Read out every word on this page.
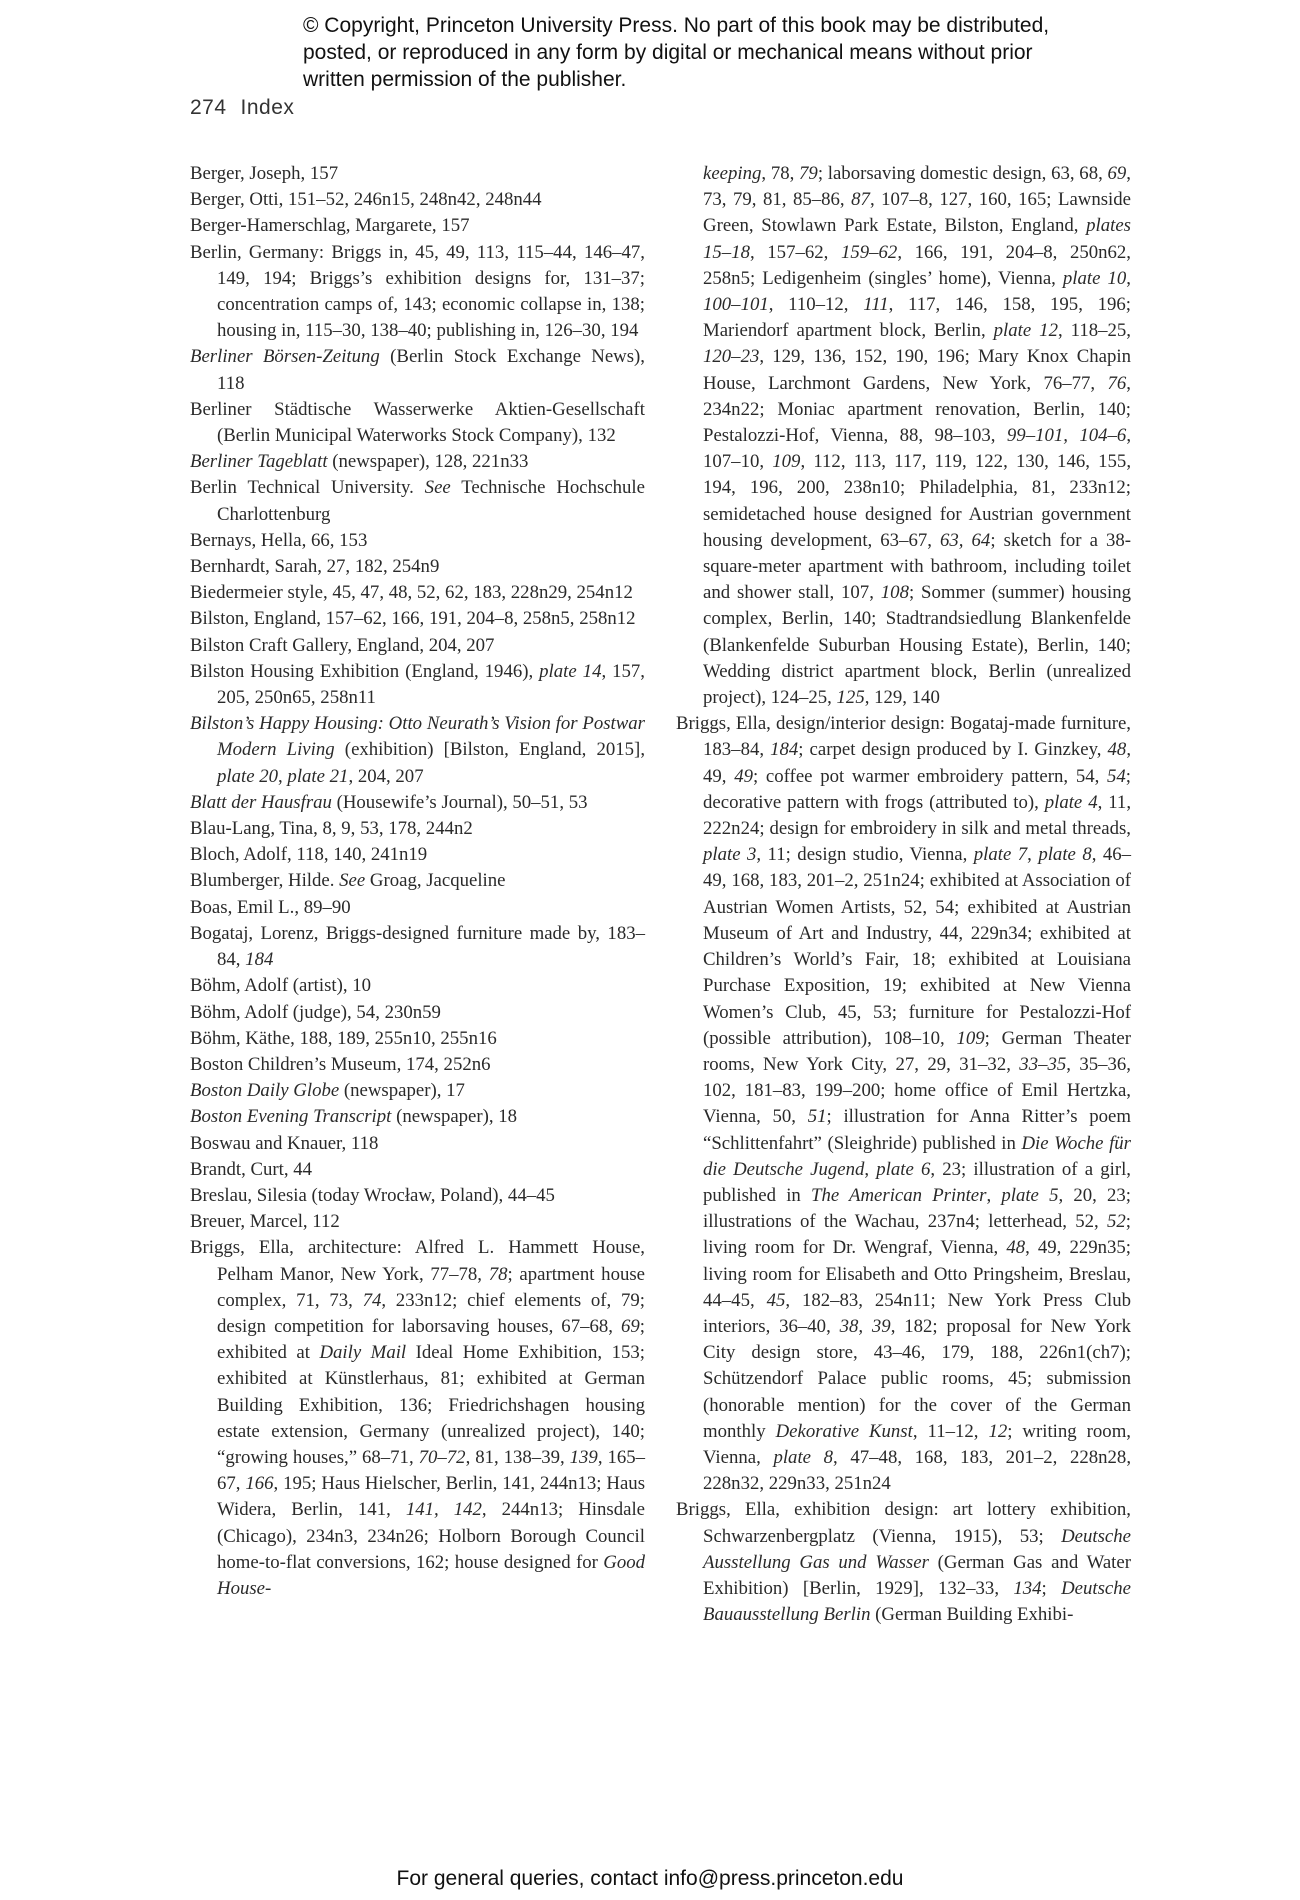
© Copyright, Princeton University Press. No part of this book may be distributed, posted, or reproduced in any form by digital or mechanical means without prior written permission of the publisher.
274 Index

Berger, Joseph, 157

Berger, Otti, 151–52, 246n15, 248n42, 248n44

Berger-Hamerschlag, Margarete, 157

Berlin, Germany: Briggs in, 45, 49, 113, 115–44, 146–47, 149, 194; Briggs’s exhibition designs for, 131–37; concentration camps of, 143; economic collapse in, 138; housing in, 115–30, 138–40; publishing in, 126–30, 194

Berliner Börsen-Zeitung (Berlin Stock Exchange News), 118

Berliner Städtische Wasserwerke Aktien-Gesellschaft (Berlin Municipal Waterworks Stock Company), 132

Berliner Tageblatt (newspaper), 128, 221n33

Berlin Technical University. See Technische Hochschule Charlottenburg

Bernays, Hella, 66, 153

Bernhardt, Sarah, 27, 182, 254n9

Biedermeier style, 45, 47, 48, 52, 62, 183, 228n29, 254n12

Bilston, England, 157–62, 166, 191, 204–8, 258n5, 258n12

Bilston Craft Gallery, England, 204, 207

Bilston Housing Exhibition (England, 1946), plate 14, 157, 205, 250n65, 258n11

Bilston’s Happy Housing: Otto Neurath’s Vision for Postwar Modern Living (exhibition) [Bilston, England, 2015], plate 20, plate 21, 204, 207

Blatt der Hausfrau (Housewife’s Journal), 50–51, 53

Blau-Lang, Tina, 8, 9, 53, 178, 244n2

Bloch, Adolf, 118, 140, 241n19

Blumberger, Hilde. See Groag, Jacqueline

Boas, Emil L., 89–90

Bogataj, Lorenz, Briggs-designed furniture made by, 183–84, 184

Böhm, Adolf (artist), 10

Böhm, Adolf (judge), 54, 230n59

Böhm, Käthe, 188, 189, 255n10, 255n16

Boston Children’s Museum, 174, 252n6

Boston Daily Globe (newspaper), 17

Boston Evening Transcript (newspaper), 18

Boswau and Knauer, 118

Brandt, Curt, 44

Breslau, Silesia (today Wrocław, Poland), 44–45

Breuer, Marcel, 112

Briggs, Ella, architecture: Alfred L. Hammett House, Pelham Manor, New York, 77–78, 78; apartment house complex, 71, 73, 74, 233n12; chief elements of, 79; design competition for laborsaving houses, 67–68, 69; exhibited at Daily Mail Ideal Home Exhibition, 153; exhibited at Künstlerhaus, 81; exhibited at German Building Exhibition, 136; Friedrichshagen housing estate extension, Germany (unrealized project), 140; “growing houses,” 68–71, 70–72, 81, 138–39, 139, 165–67, 166, 195; Haus Hielscher, Berlin, 141, 244n13; Haus Widera, Berlin, 141, 141, 142, 244n13; Hinsdale (Chicago), 234n3, 234n26; Holborn Borough Council home-to-flat conversions, 162; house designed for Good House-

keeping, 78, 79; laborsaving domestic design, 63, 68, 69, 73, 79, 81, 85–86, 87, 107–8, 127, 160, 165; Lawnside Green, Stowlawn Park Estate, Bilston, England, plates 15–18, 157–62, 159–62, 166, 191, 204–8, 250n62, 258n5; Ledigenheim (singles’ home), Vienna, plate 10, 100–101, 110–12, 111, 117, 146, 158, 195, 196; Mariendorf apartment block, Berlin, plate 12, 118–25, 120–23, 129, 136, 152, 190, 196; Mary Knox Chapin House, Larchmont Gardens, New York, 76–77, 76, 234n22; Moniac apartment renovation, Berlin, 140; Pestalozzi-Hof, Vienna, 88, 98–103, 99–101, 104–6, 107–10, 109, 112, 113, 117, 119, 122, 130, 146, 155, 194, 196, 200, 238n10; Philadelphia, 81, 233n12; semidetached house designed for Austrian government housing development, 63–67, 63, 64; sketch for a 38-square-meter apartment with bathroom, including toilet and shower stall, 107, 108; Sommer (summer) housing complex, Berlin, 140; Stadtrandsiedlung Blankenfelde (Blankenfelde Suburban Housing Estate), Berlin, 140; Wedding district apartment block, Berlin (unrealized project), 124–25, 125, 129, 140

Briggs, Ella, design/interior design: Bogataj-made furniture, 183–84, 184; carpet design produced by I. Ginzkey, 48, 49, 49; coffee pot warmer embroidery pattern, 54, 54; decorative pattern with frogs (attributed to), plate 4, 11, 222n24; design for embroidery in silk and metal threads, plate 3, 11; design studio, Vienna, plate 7, plate 8, 46–49, 168, 183, 201–2, 251n24; exhibited at Association of Austrian Women Artists, 52, 54; exhibited at Austrian Museum of Art and Industry, 44, 229n34; exhibited at Children’s World’s Fair, 18; exhibited at Louisiana Purchase Exposition, 19; exhibited at New Vienna Women’s Club, 45, 53; furniture for Pestalozzi-Hof (possible attribution), 108–10, 109; German Theater rooms, New York City, 27, 29, 31–32, 33–35, 35–36, 102, 181–83, 199–200; home office of Emil Hertzka, Vienna, 50, 51; illustration for Anna Ritter’s poem “Schlittenfahrt” (Sleighride) published in Die Woche für die Deutsche Jugend, plate 6, 23; illustration of a girl, published in The American Printer, plate 5, 20, 23; illustrations of the Wachau, 237n4; letterhead, 52, 52; living room for Dr. Wengraf, Vienna, 48, 49, 229n35; living room for Elisabeth and Otto Pringsheim, Breslau, 44–45, 45, 182–83, 254n11; New York Press Club interiors, 36–40, 38, 39, 182; proposal for New York City design store, 43–46, 179, 188, 226n1(ch7); Schützendorf Palace public rooms, 45; submission (honorable mention) for the cover of the German monthly Dekorative Kunst, 11–12, 12; writing room, Vienna, plate 8, 47–48, 168, 183, 201–2, 228n28, 228n32, 229n33, 251n24

Briggs, Ella, exhibition design: art lottery exhibition, Schwarzenbergplatz (Vienna, 1915), 53; Deutsche Ausstellung Gas und Wasser (German Gas and Water Exhibition) [Berlin, 1929], 132–33, 134; Deutsche Bauausstellung Berlin (German Building Exhibi-

For general queries, contact info@press.princeton.edu
